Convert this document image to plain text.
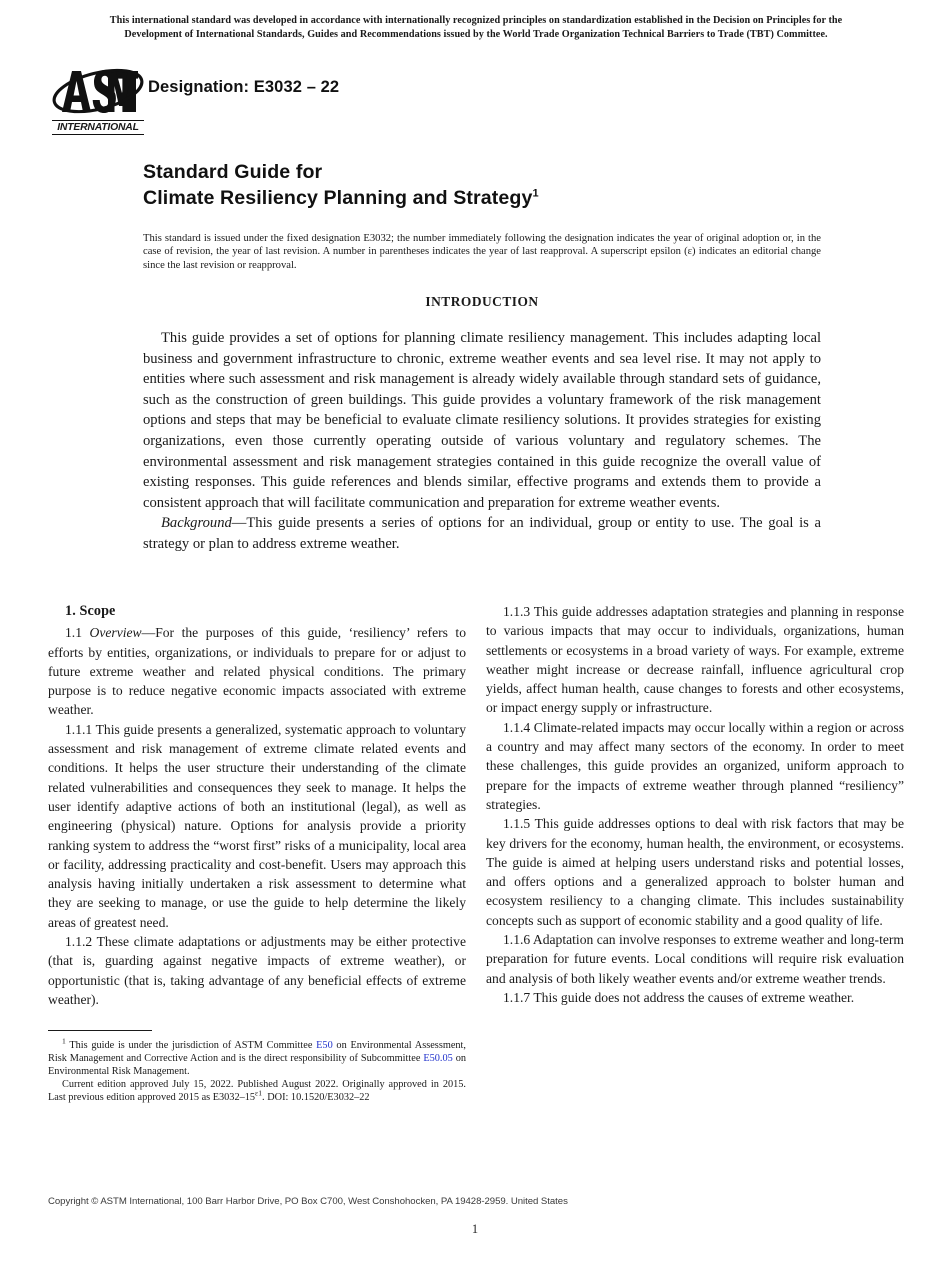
This international standard was developed in accordance with internationally recognized principles on standardization established in the Decision on Principles for the
Development of International Standards, Guides and Recommendations issued by the World Trade Organization Technical Barriers to Trade (TBT) Committee.
INTERNATIONAL
Designation: E3032 – 22
Standard Guide for
Climate Resiliency Planning and Strategy$^1$
This standard is issued under the fixed designation E3032; the number immediately following the designation indicates the year of original adoption or, in the case of revision, the year of last revision. A number in parentheses indicates the year of last reapproval. A superscript epsilon (ε) indicates an editorial change since the last revision or reapproval.
INTRODUCTION

This guide provides a set of options for planning climate resiliency management. This includes adapting local business and government infrastructure to chronic, extreme weather events and sea level rise. It may not apply to entities where such assessment and risk management is already widely available through standard sets of guidance, such as the construction of green buildings. This guide provides a voluntary framework of the risk management options and steps that may be beneficial to evaluate climate resiliency solutions. It provides strategies for existing organizations, even those currently operating outside of various voluntary and regulatory schemes. The environmental assessment and risk management strategies contained in this guide recognize the overall value of existing responses. This guide references and blends similar, effective programs and extends them to provide a consistent approach that will facilitate communication and preparation for extreme weather events.

Background—This guide presents a series of options for an individual, group or entity to use. The goal is a strategy or plan to address extreme weather.

1. Scope

1.1 Overview—For the purposes of this guide, ‘resiliency’ refers to efforts by entities, organizations, or individuals to prepare for or adjust to future extreme weather and related physical conditions. The primary purpose is to reduce negative economic impacts associated with extreme weather.

1.1.1 This guide presents a generalized, systematic approach to voluntary assessment and risk management of extreme climate related events and conditions. It helps the user structure their understanding of the climate related vulnerabilities and consequences they seek to manage. It helps the user identify adaptive actions of both an institutional (legal), as well as engineering (physical) nature. Options for analysis provide a priority ranking system to address the “worst first” risks of a municipality, local area or facility, addressing practicality and cost-benefit. Users may approach this analysis having initially undertaken a risk assessment to determine what they are seeking to manage, or use the guide to help determine the likely areas of greatest need.

1.1.2 These climate adaptations or adjustments may be either protective (that is, guarding against negative impacts of extreme weather), or opportunistic (that is, taking advantage of any beneficial effects of extreme weather).

1.1.3 This guide addresses adaptation strategies and planning in response to various impacts that may occur to individuals, organizations, human settlements or ecosystems in a broad variety of ways. For example, extreme weather might increase or decrease rainfall, influence agricultural crop yields, affect human health, cause changes to forests and other ecosystems, or impact energy supply or infrastructure.

1.1.4 Climate-related impacts may occur locally within a region or across a country and may affect many sectors of the economy. In order to meet these challenges, this guide provides an organized, uniform approach to prepare for the impacts of extreme weather through planned “resiliency” strategies.

1.1.5 This guide addresses options to deal with risk factors that may be key drivers for the economy, human health, the environment, or ecosystems. The guide is aimed at helping users understand risks and potential losses, and offers options and a generalized approach to bolster human and ecosystem resiliency to a changing climate. This includes sustainability concepts such as support of economic stability and a good quality of life.

1.1.6 Adaptation can involve responses to extreme weather and long-term preparation for future events. Local conditions will require risk evaluation and analysis of both likely weather events and/or extreme weather trends.

1.1.7 This guide does not address the causes of extreme weather.

$^1$ This guide is under the jurisdiction of ASTM Committee E50 on Environmental Assessment, Risk Management and Corrective Action and is the direct responsibility of Subcommittee E50.05 on Environmental Risk Management.

Current edition approved July 15, 2022. Published August 2022. Originally approved in 2015. Last previous edition approved 2015 as $E3032-15^{\varepsilon 1}$. DOI: 10.1520/E3032–22

Copyright © ASTM International, 100 Barr Harbor Drive, PO Box C700, West Conshohocken, PA 19428-2959. United States
1
